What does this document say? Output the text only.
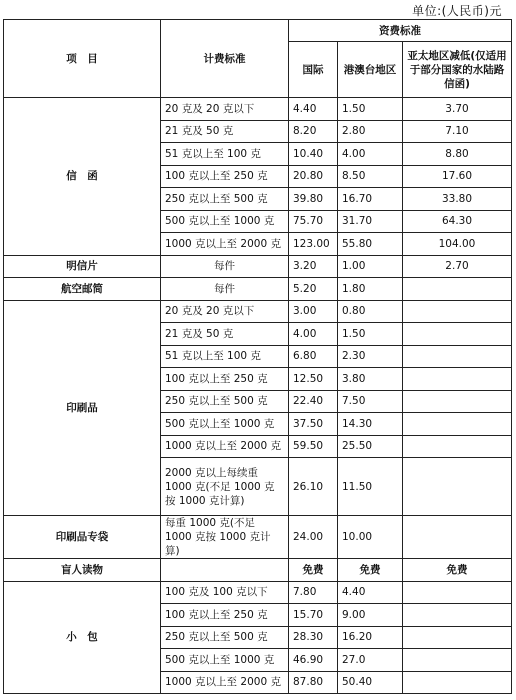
单位:(人民币)元
项　目	计费标准	资费标准		
		国际	港澳台地区	亚太地区减低(仅适用于部分国家的水陆路信函)
信　函	20 克及 20 克以下	4.40	1.50	3.70
	21 克及 50 克	8.20	2.80	7.10
	51 克以上至 100 克	10.40	4.00	8.80
	100 克以上至 250 克	20.80	8.50	17.60
	250 克以上至 500 克	39.80	16.70	33.80
	500 克以上至 1000 克	75.70	31.70	64.30
	1000 克以上至 2000 克	123.00	55.80	104.00
明信片	每件	3.20	1.00	2.70
航空邮简	每件	5.20	1.80	
印刷品	20 克及 20 克以下	3.00	0.80	
	21 克及 50 克	4.00	1.50	
	51 克以上至 100 克	6.80	2.30	
	100 克以上至 250 克	12.50	3.80	
	250 克以上至 500 克	22.40	7.50	
	500 克以上至 1000 克	37.50	14.30	
	1000 克以上至 2000 克	59.50	25.50	
	2000 克以上每续重 1000 克(不足 1000 克按 1000 克计算)	26.10	11.50	
印刷品专袋	每重 1000 克(不足 1000 克按 1000 克计算)	24.00	10.00	
盲人读物		免费	免费	免费
小　包	100 克及 100 克以下	7.80	4.40	
	100 克以上至 250 克	15.70	9.00	
	250 克以上至 500 克	28.30	16.20	
	500 克以上至 1000 克	46.90	27.0	
	1000 克以上至 2000 克	87.80	50.40	
